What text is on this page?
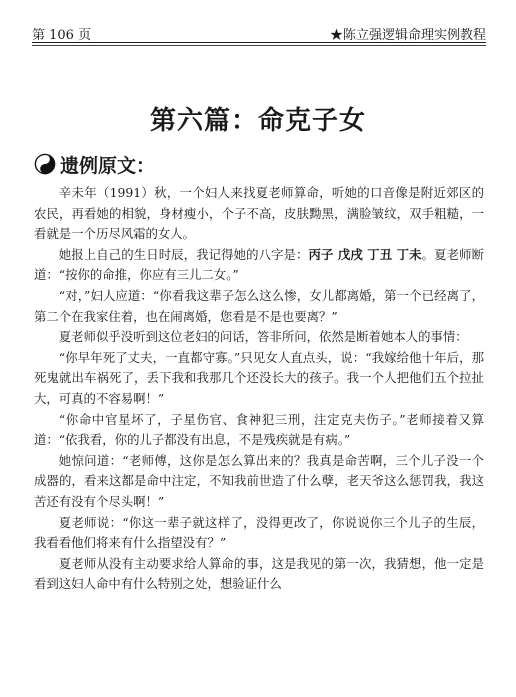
第 106 页	★陈立强逻辑命理实例教程
第六篇：命克子女
遗例原文：

辛未年（1991）秋，一个妇人来找夏老师算命，听她的口音像是附近郊区的农民，再看她的相貌，身材瘦小，个子不高，皮肤黝黑，满脸皱纹，双手粗糙，一看就是一个历尽风霜的女人。

她报上自己的生日时辰，我记得她的八字是：丙子 戊戌 丁丑 丁未。夏老师断道：“按你的命推，你应有三儿二女。”

“对，”妇人应道：“你看我这辈子怎么这么惨，女儿都离婚，第一个已经离了，第二个在我家住着，也在闹离婚，您看是不是也要离？”

夏老师似乎没听到这位老妇的问话，答非所问，依然是断着她本人的事情：

“你早年死了丈夫，一直都守寡。”只见女人直点头，说：“我嫁给他十年后，那死鬼就出车祸死了，丢下我和我那几个还没长大的孩子。我一个人把他们五个拉扯大，可真的不容易啊！”

“你命中官星坏了，子星伤官、食神犯三刑，注定克夫伤子。”老师接着又算道：“依我看，你的儿子都没有出息，不是残疾就是有病。”

她惊问道：“老师傅，这你是怎么算出来的？我真是命苦啊，三个儿子没一个成器的，看来这都是命中注定，不知我前世造了什么孽，老天爷这么惩罚我，我这苦还有没有个尽头啊！”

夏老师说：“你这一辈子就这样了，没得更改了，你说说你三个儿子的生辰，我看看他们将来有什么指望没有？”

夏老师从没有主动要求给人算命的事，这是我见的第一次，我猜想，他一定是看到这妇人命中有什么特别之处，想验证什么
